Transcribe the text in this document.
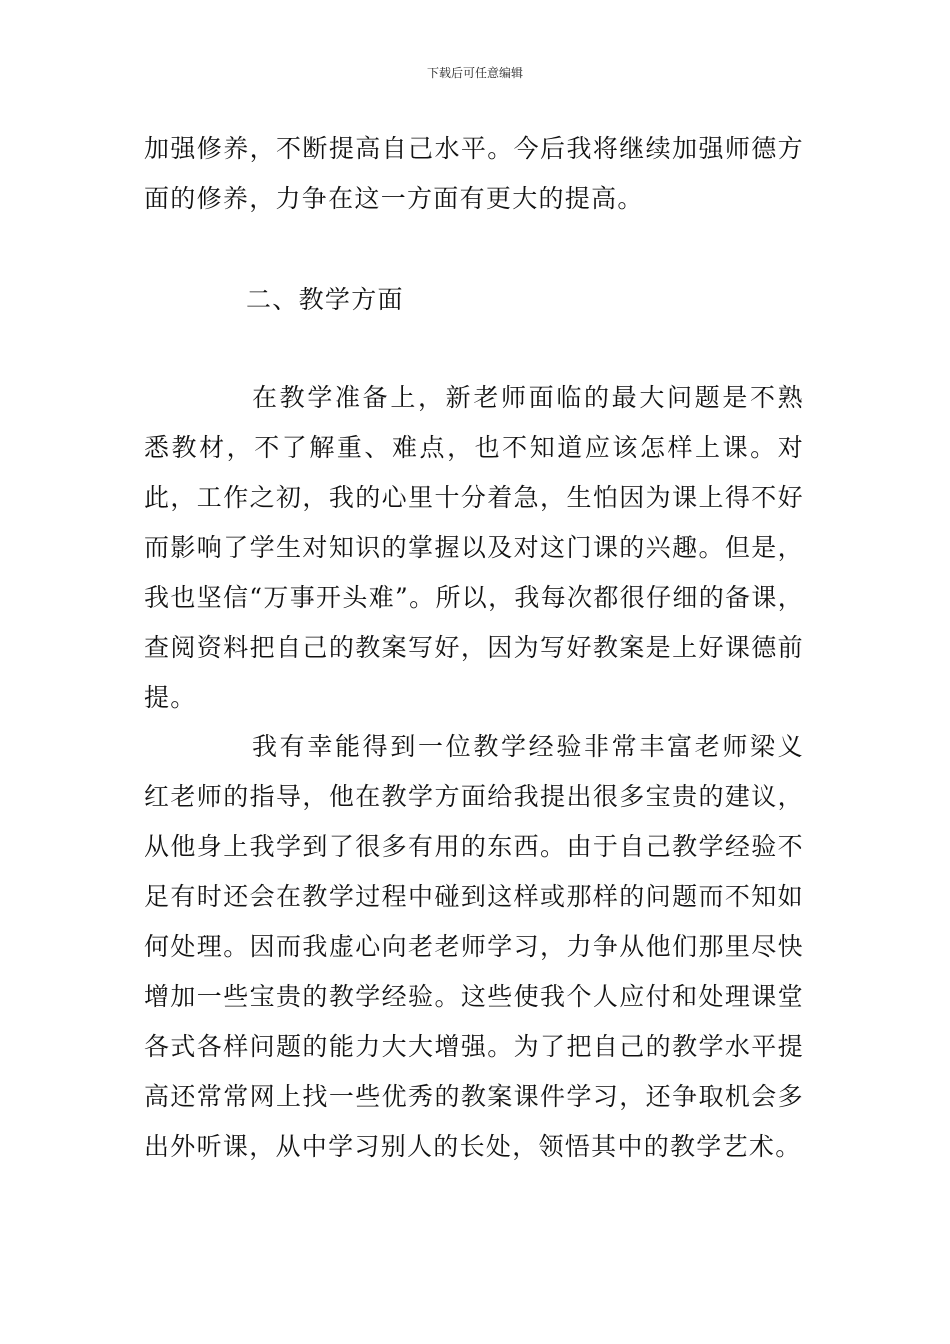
下载后可任意编辑

加强修养，不断提高自己水平。今后我将继续加强师德方面的修养，力争在这一方面有更大的提高。

二、教学方面

在教学准备上，新老师面临的最大问题是不熟悉教材，不了解重、难点，也不知道应该怎样上课。对此，工作之初，我的心里十分着急，生怕因为课上得不好而影响了学生对知识的掌握以及对这门课的兴趣。但是，我也坚信“万事开头难”。所以，我每次都很仔细的备课，查阅资料把自己的教案写好，因为写好教案是上好课德前提。

我有幸能得到一位教学经验非常丰富老师梁义红老师的指导，他在教学方面给我提出很多宝贵的建议，从他身上我学到了很多有用的东西。由于自己教学经验不足有时还会在教学过程中碰到这样或那样的问题而不知如何处理。因而我虚心向老老师学习，力争从他们那里尽快增加一些宝贵的教学经验。这些使我个人应付和处理课堂各式各样问题的能力大大增强。为了把自己的教学水平提高还常常网上找一些优秀的教案课件学习，还争取机会多出外听课，从中学习别人的长处，领悟其中的教学艺术。
